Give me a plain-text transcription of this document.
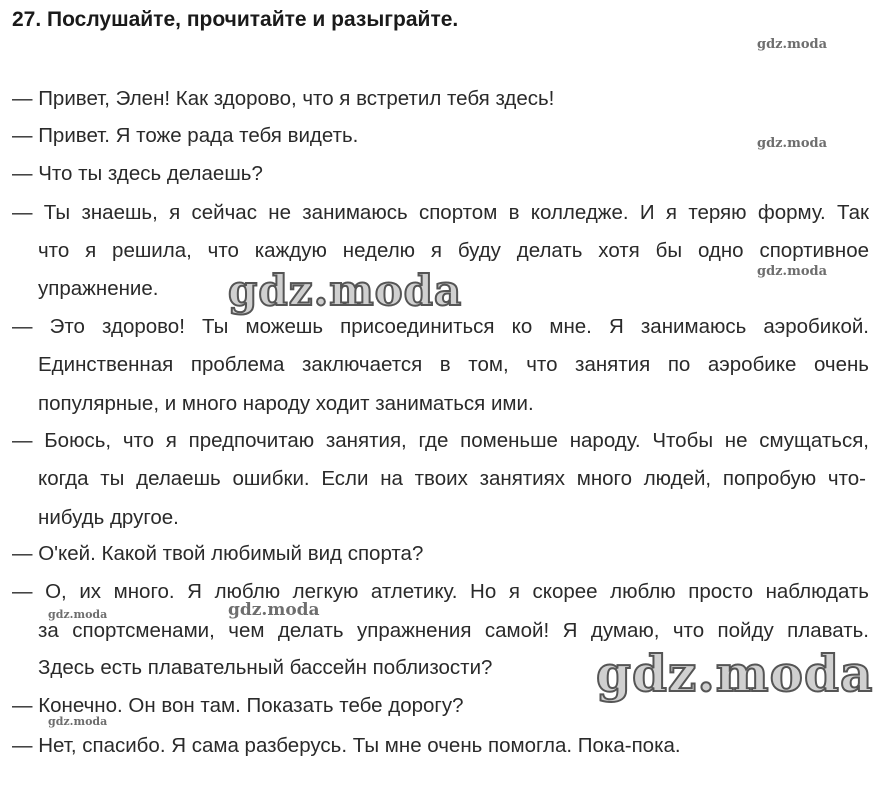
27. Послушайте, прочитайте и разыграйте.
— Привет, Элен! Как здорово, что я встретил тебя здесь!
— Привет. Я тоже рада тебя видеть.
— Что ты здесь делаешь?
— Ты знаешь, я сейчас не занимаюсь спортом в колледже. И я теряю форму. Так
что я решила, что каждую неделю я буду делать хотя бы одно спортивное
упражнение.
— Это здорово! Ты можешь присоединиться ко мне. Я занимаюсь аэробикой.
Единственная проблема заключается в том, что занятия по аэробике очень
популярные, и много народу ходит заниматься ими.
— Боюсь, что я предпочитаю занятия, где поменьше народу. Чтобы не смущаться,
когда ты делаешь ошибки. Если на твоих занятиях много людей, попробую что-
нибудь другое.
— О'кей. Какой твой любимый вид спорта?
— О, их много. Я люблю легкую атлетику. Но я скорее люблю просто наблюдать
за спортсменами, чем делать упражнения самой! Я думаю, что пойду плавать.
Здесь есть плавательный бассейн поблизости?
— Конечно. Он вон там. Показать тебе дорогу?
— Нет, спасибо. Я сама разберусь. Ты мне очень помогла. Пока-пока.
gdz.moda
gdz.moda
gdz.moda
gdz.moda
gdz.moda	gdz.moda
gdz.moda
gdz.moda
